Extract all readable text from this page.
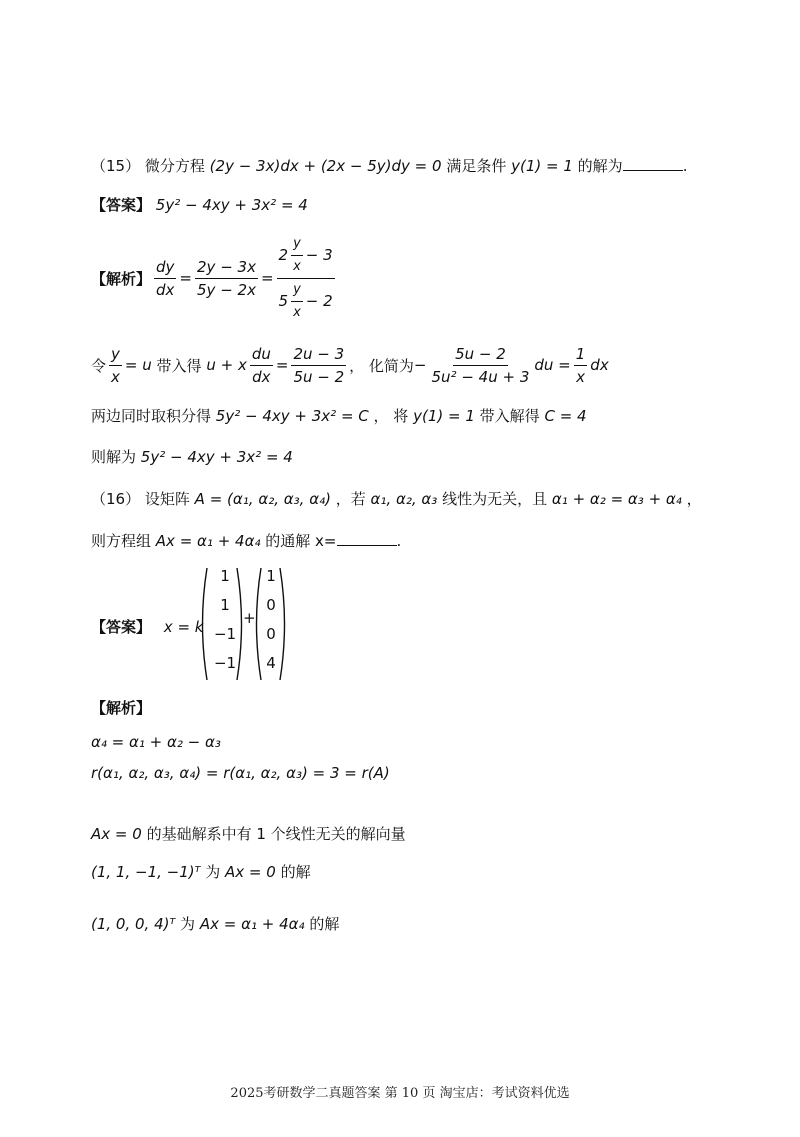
（15） 微分方程 (2y − 3x)dx + (2x − 5y)dy = 0 满足条件 y(1) = 1 的解为	.
【答案】 5y² − 4xy + 3x² = 4
【解析】 $\frac{dy}{dx} = \frac{2y - 3x}{5y - 2x} = \frac{2 \frac{y}{x} - 3}{5 \frac{y}{x} - 2}$
令 $\frac{y}{x} = u$
带入得
u + x $\frac{du}{dx} = \frac{2u - 3}{5u - 2}$ ， 化简为 − $\frac{5u - 2}{\text{5u² − 4u + 3}}$ du = $\frac{1}{x}$ dx
两边同时取积分得 5y² − 4xy + 3x² = C ， 将 y(1) = 1 带入解得 C = 4
则解为 5y² − 4xy + 3x² = 4
（16） 设矩阵 A = (α₁, α₂, α₃, α₄) ，若 α₁, α₂, α₃ 线性为无关，且 α₁ + α₂ = α₃ + α₄ ，
则方程组 Ax = α₁ + 4α₄ 的通解 x=	.
【答案】 x = k
1
1
−1
−1
+
1
0
0
4
【解析】
α₄ = α₁ + α₂ − α₃
r(α₁, α₂, α₃, α₄) = r(α₁, α₂, α₃) = 3 = r(A)
Ax = 0 的基础解系中有 1 个线性无关的解向量
(1, 1, −1, −1)ᵀ 为 Ax = 0 的解
(1, 0, 0, 4)ᵀ 为 Ax = α₁ + 4α₄ 的解
2025考研数学二真题答案 第 10 页 淘宝店：考试资料优选
